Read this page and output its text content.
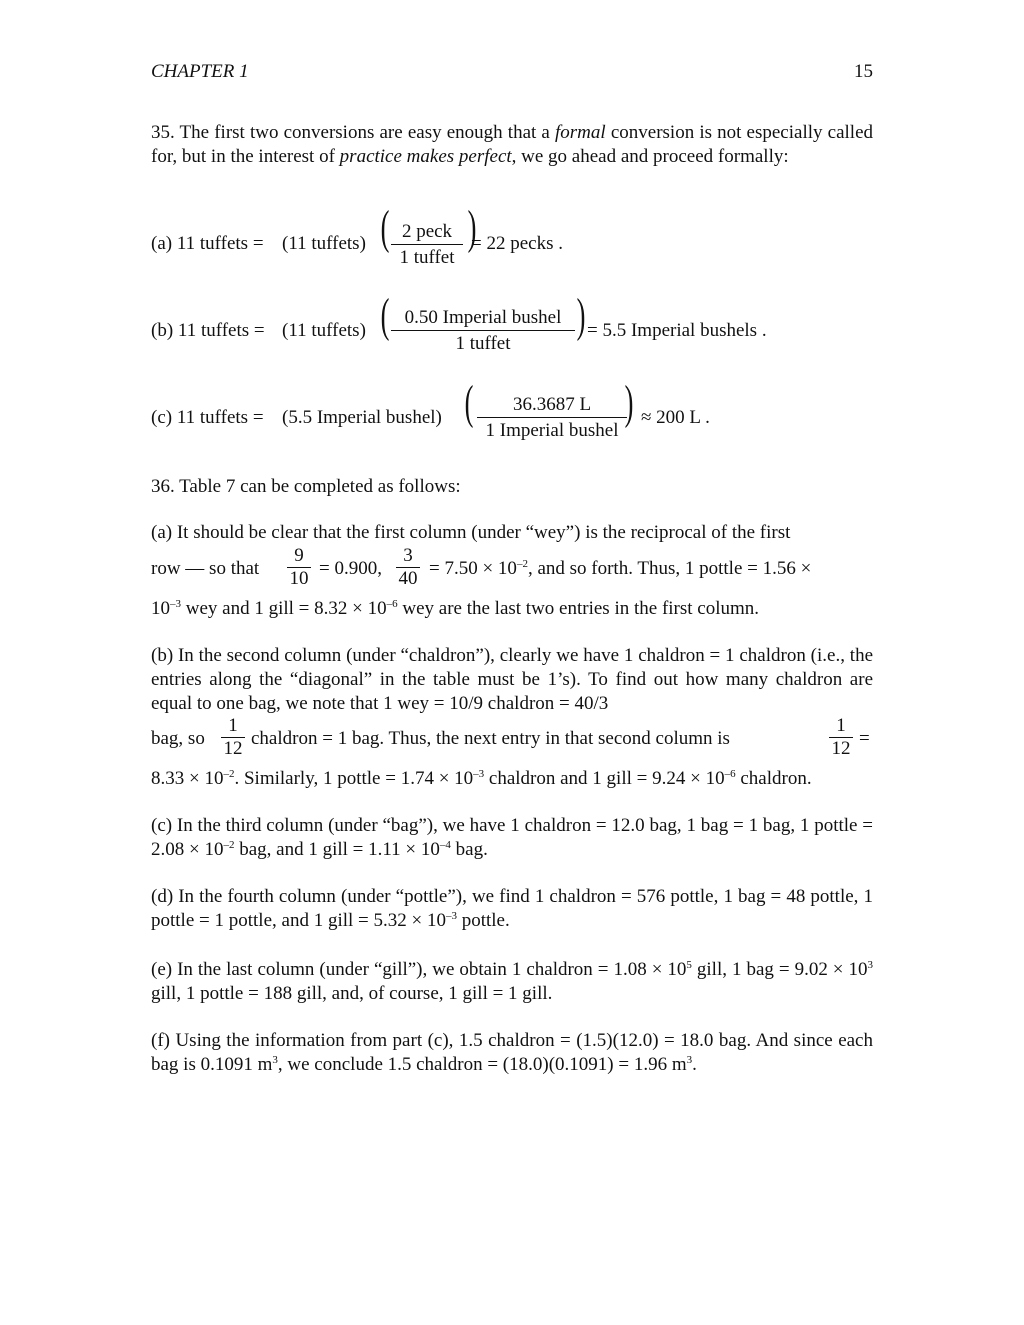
CHAPTER 1	15
35. The first two conversions are easy enough that a formal conversion is not especially called for, but in the interest of practice makes perfect, we go ahead and proceed formally:
(a) 11 tuffets = (11 tuffets) ( 2 peck
1 tuffet
)
= 22 pecks .
(b) 11 tuffets = (11 tuffets) ( 0.50 Imperial bushel
1 tuffet
) = 5.5 Imperial bushels .
(c) 11 tuffets = (5.5 Imperial bushel) (	36.3687 L
1 Imperial bushel
) ≈ 200 L .
36. Table 7 can be completed as follows:
(a) It should be clear that the first column (under “wey”) is the reciprocal of the first
row — so that $\frac{9}{10} = 0.900$, $\frac{3}{40} = 7.50 \times 10^{-2}$, and so forth. Thus, 1 pottle = 1.56 ×
$10^{-3}$ wey and 1 gill = $8.32 \times 10^{-6}$ wey are the last two entries in the first column.
(b) In the second column (under “chaldron”), clearly we have 1 chaldron = 1 chaldron (i.e., the entries along the “diagonal” in the table must be 1’s). To find out how many chaldron are equal to one bag, we note that 1 wey = 10/9 chaldron = 40/3
bag, so $\frac{1}{12}$ chaldron = 1 bag. Thus, the next entry in that second column is	$\frac{1}{12}$ =
$8.33 \times 10^{-2}$. Similarly, 1 pottle = $1.74 \times 10^{-3}$ chaldron and 1 gill = $9.24 \times 10^{-6}$ chaldron.
(c) In the third column (under “bag”), we have 1 chaldron = 12.0 bag, 1 bag = 1 bag, 1 pottle = $2.08 \times 10^{-2}$ bag, and 1 gill = $1.11 \times 10^{-4}$ bag.
(d) In the fourth column (under “pottle”), we find 1 chaldron = 576 pottle, 1 bag = 48 pottle, 1 pottle = 1 pottle, and 1 gill = $5.32 \times 10^{-3}$ pottle.
(e) In the last column (under “gill”), we obtain 1 chaldron = $1.08 \times 10^5$ gill, 1 bag = $9.02 \times 10^3$ gill, 1 pottle = 188 gill, and, of course, 1 gill = 1 gill.
(f) Using the information from part (c), 1.5 chaldron = (1.5)(12.0) = 18.0 bag. And since each bag is 0.1091 $m^3$, we conclude 1.5 chaldron = (18.0)(0.1091) = 1.96 $m^3$.
